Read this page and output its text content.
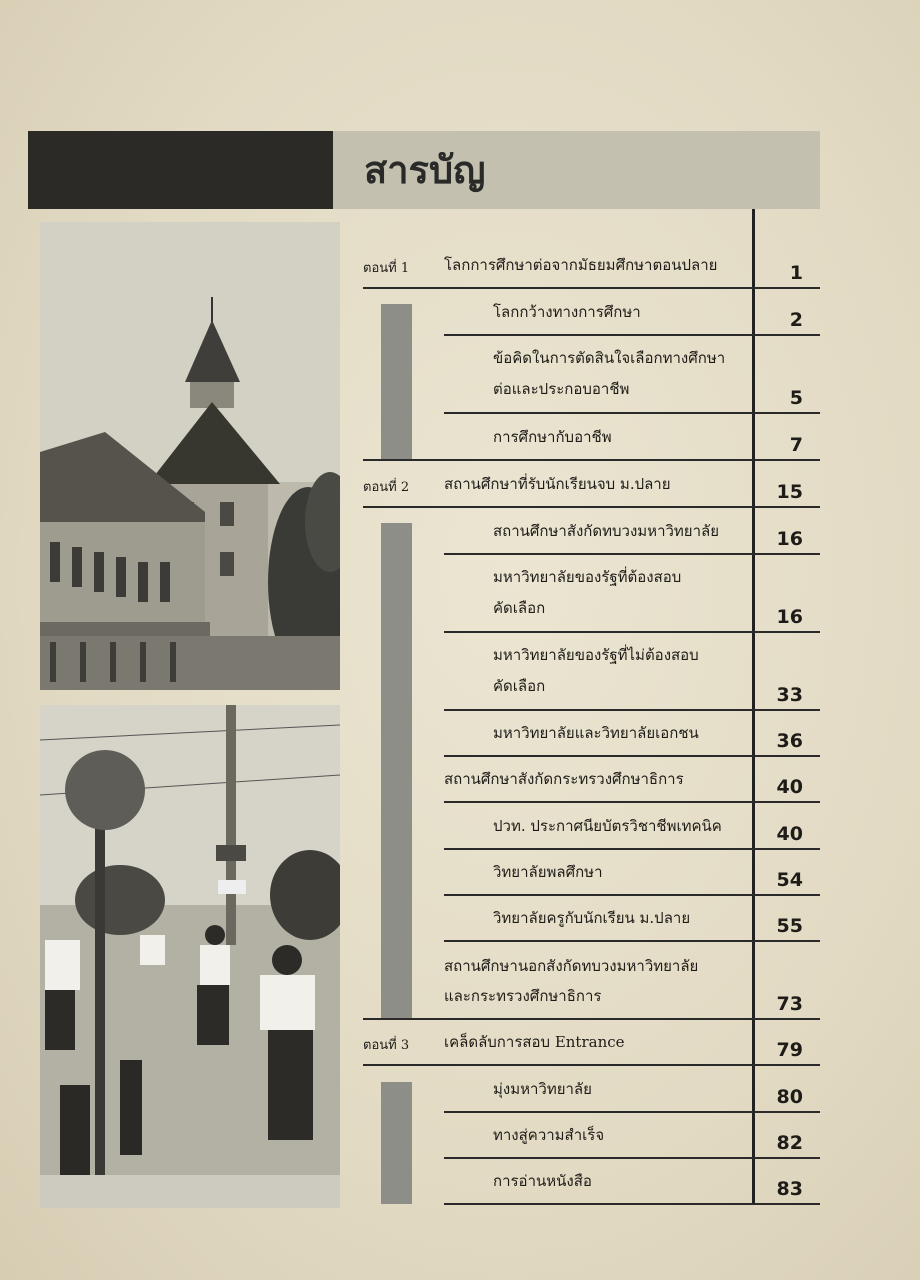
สารบัญ
ตอนที่ 1 โลกการศึกษาต่อจากมัธยมศึกษาตอนปลาย	1
โลกกว้างทางการศึกษา	2
ข้อคิดในการตัดสินใจเลือกทางศึกษา
ต่อและประกอบอาชีพ	5
การศึกษากับอาชีพ	7
ตอนที่ 2 สถานศึกษาที่รับนักเรียนจบ ม.ปลาย	15
สถานศึกษาสังกัดทบวงมหาวิทยาลัย	16
มหาวิทยาลัยของรัฐที่ต้องสอบ
คัดเลือก	16
มหาวิทยาลัยของรัฐที่ไม่ต้องสอบ
คัดเลือก	33
มหาวิทยาลัยและวิทยาลัยเอกชน	36
สถานศึกษาสังกัดกระทรวงศึกษาธิการ	40
ปวท. ประกาศนียบัตรวิชาชีพเทคนิค	40
วิทยาลัยพลศึกษา	54
วิทยาลัยครูกับนักเรียน ม.ปลาย	55
สถานศึกษานอกสังกัดทบวงมหาวิทยาลัย
และกระทรวงศึกษาธิการ	73
ตอนที่ 3 เคล็ดลับการสอบ Entrance	79
มุ่งมหาวิทยาลัย	80
ทางสู่ความสำเร็จ	82
การอ่านหนังสือ	83
